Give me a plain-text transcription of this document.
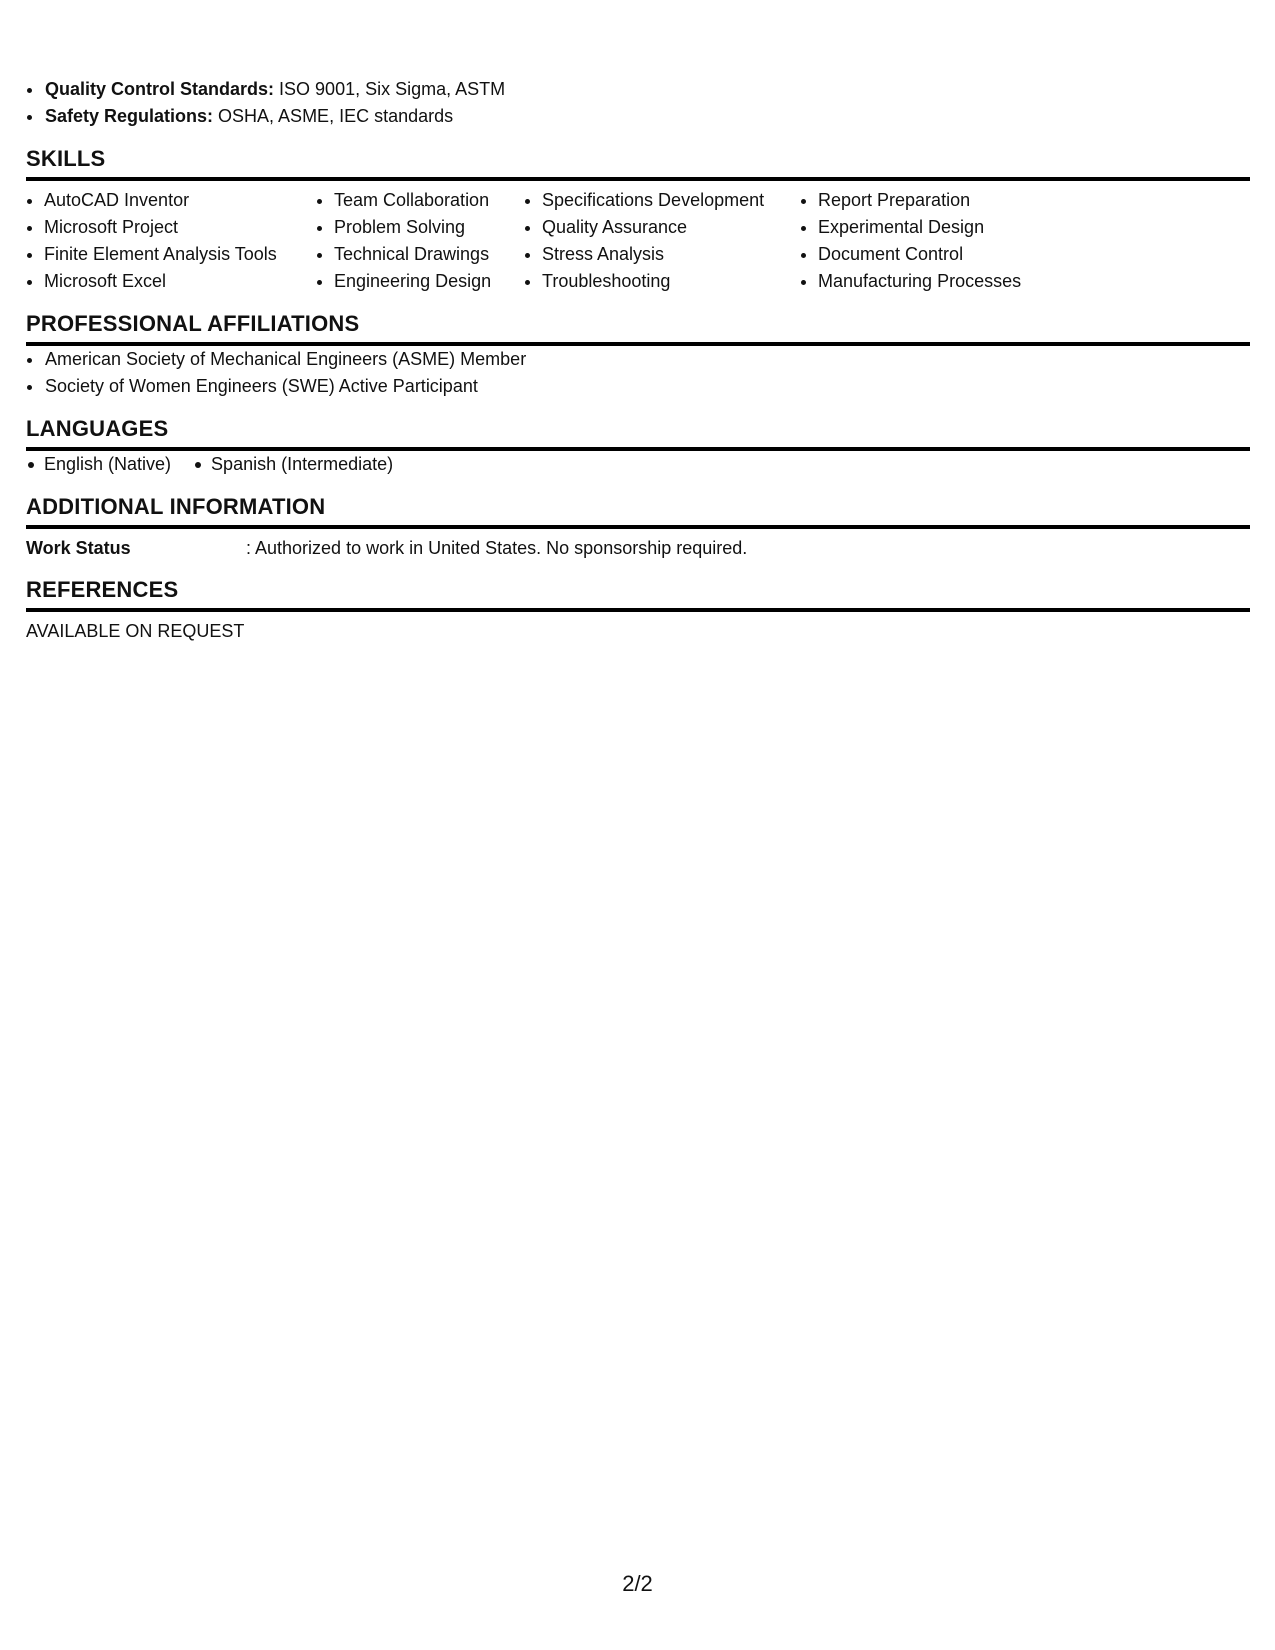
• Quality Control Standards: ISO 9001, Six Sigma, ASTM
• Safety Regulations: OSHA, ASME, IEC standards
SKILLS
• AutoCAD Inventor
• Microsoft Project
• Finite Element Analysis Tools
• Microsoft Excel
• Team Collaboration
• Problem Solving
• Technical Drawings
• Engineering Design
• Specifications Development
• Quality Assurance
• Stress Analysis
• Troubleshooting
• Report Preparation
• Experimental Design
• Document Control
• Manufacturing Processes
PROFESSIONAL AFFILIATIONS
• American Society of Mechanical Engineers (ASME) Member
• Society of Women Engineers (SWE) Active Participant
LANGUAGES
English (Native)	Spanish (Intermediate)
ADDITIONAL INFORMATION
Work Status	: Authorized to work in United States. No sponsorship required.
REFERENCES
AVAILABLE ON REQUEST
2/2
